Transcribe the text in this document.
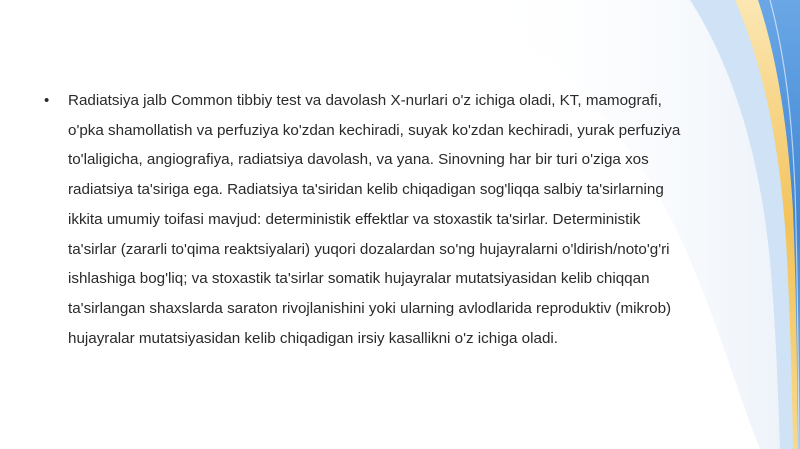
•	Radiatsiya jalb Common tibbiy test va davolash X-nurlari o'z ichiga oladi, KT, mamografi,
o'pka shamollatish va perfuziya ko'zdan kechiradi, suyak ko'zdan kechiradi, yurak perfuziya
to'laligicha, angiografiya, radiatsiya davolash, va yana. Sinovning har bir turi o'ziga xos
radiatsiya ta'siriga ega. Radiatsiya ta'siridan kelib chiqadigan sog'liqqa salbiy ta'sirlarning
ikkita umumiy toifasi mavjud: deterministik effektlar va stoxastik ta'sirlar. Deterministik
ta'sirlar (zararli to'qima reaktsiyalari) yuqori dozalardan so'ng hujayralarni o'ldirish/noto'g'ri
ishlashiga bog'liq; va stoxastik ta'sirlar somatik hujayralar mutatsiyasidan kelib chiqqan
ta'sirlangan shaxslarda saraton rivojlanishini yoki ularning avlodlarida reproduktiv (mikrob)
hujayralar mutatsiyasidan kelib chiqadigan irsiy kasallikni o'z ichiga oladi.
